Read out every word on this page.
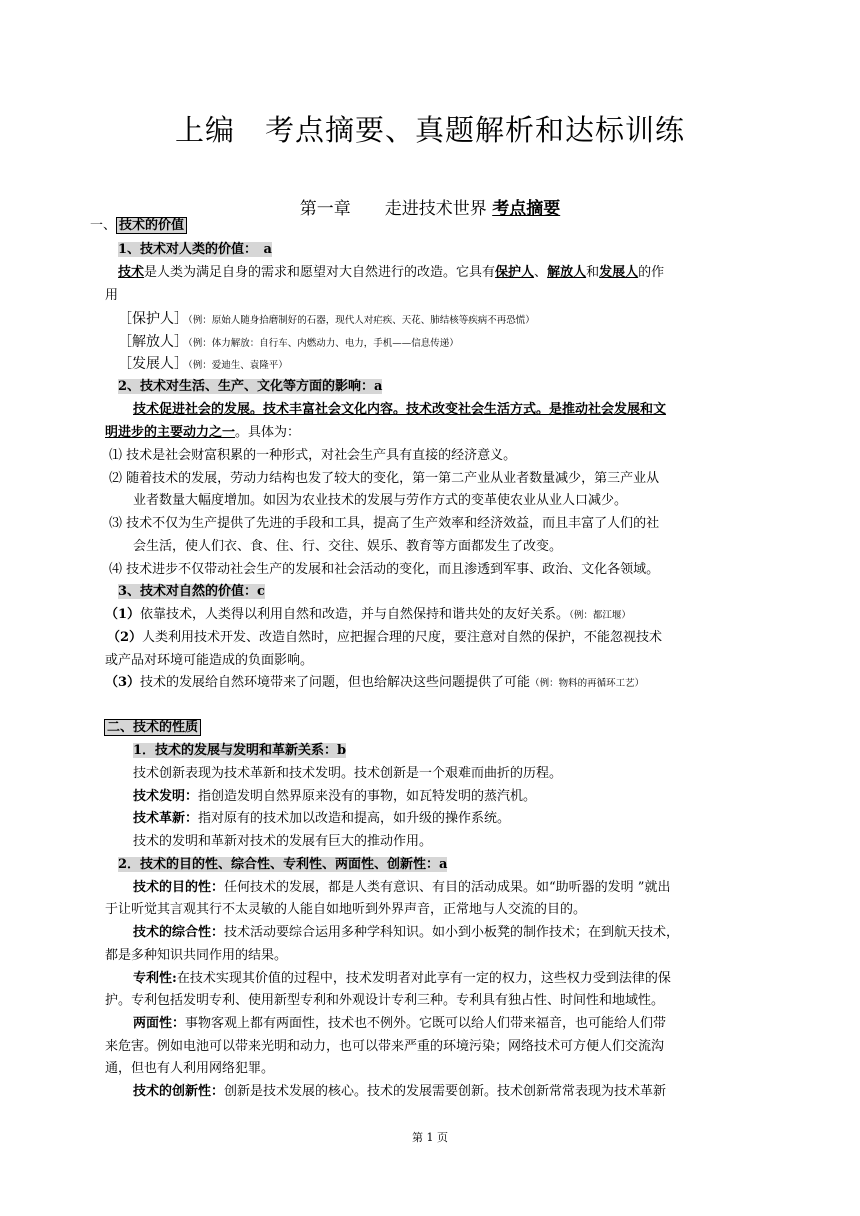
上编　考点摘要、真题解析和达标训练
第一章　　走进技术世界 考点摘要
一、 技术的价值
1、技术对人类的价值：　a
技术是人类为满足自身的需求和愿望对大自然进行的改造。它具有保护人、解放人和发展人的作
用
［保护人］（例：原始人随身拾磨制好的石器，现代人对疟疾、天花、肺结核等疾病不再恐慌）
［解放人］（例：体力解放：自行车、内燃动力、电力，手机——信息传递）
［发展人］（例：爱迪生、袁隆平）
2、技术对生活、生产、文化等方面的影响：a
技术促进社会的发展。技术丰富社会文化内容。技术改变社会生活方式。是推动社会发展和文
明进步的主要动力之一。具体为：
⑴ 技术是社会财富积累的一种形式，对社会生产具有直接的经济意义。
⑵ 随着技术的发展，劳动力结构也发了较大的变化，第一第二产业从业者数量减少，第三产业从
业者数量大幅度增加。如因为农业技术的发展与劳作方式的变革使农业从业人口减少。
⑶ 技术不仅为生产提供了先进的手段和工具，提高了生产效率和经济效益，而且丰富了人们的社
会生活，使人们衣、食、住、行、交往、娱乐、教育等方面都发生了改变。
⑷ 技术进步不仅带动社会生产的发展和社会活动的变化，而且渗透到军事、政治、文化各领域。
3、技术对自然的价值：c
（1）依靠技术，人类得以利用自然和改造，并与自然保持和谐共处的友好关系。（例：都江堰）
（2）人类利用技术开发、改造自然时，应把握合理的尺度，要注意对自然的保护，不能忽视技术
或产品对环境可能造成的负面影响。
（3）技术的发展给自然环境带来了问题，但也给解决这些问题提供了可能（例：物料的再循环工艺）
二、技术的性质
1．技术的发展与发明和革新关系：b
技术创新表现为技术革新和技术发明。技术创新是一个艰难而曲折的历程。
技术发明：指创造发明自然界原来没有的事物，如瓦特发明的蒸汽机。
技术革新：指对原有的技术加以改造和提高，如升级的操作系统。
技术的发明和革新对技术的发展有巨大的推动作用。
2．技术的目的性、综合性、专利性、两面性、创新性：a
技术的目的性：任何技术的发展，都是人类有意识、有目的活动成果。如“助听器的发明 ”就出
于让听觉其言观其行不太灵敏的人能自如地听到外界声音，正常地与人交流的目的。
技术的综合性：技术活动要综合运用多种学科知识。如小到小板凳的制作技术；在到航天技术，
都是多种知识共同作用的结果。
专利性:在技术实现其价值的过程中，技术发明者对此享有一定的权力，这些权力受到法律的保
护。专利包括发明专利、使用新型专利和外观设计专利三种。专利具有独占性、时间性和地域性。
两面性：事物客观上都有两面性，技术也不例外。它既可以给人们带来福音，也可能给人们带
来危害。例如电池可以带来光明和动力，也可以带来严重的环境污染；网络技术可方便人们交流沟
通，但也有人利用网络犯罪。
技术的创新性：创新是技术发展的核心。技术的发展需要创新。技术创新常常表现为技术革新
第 1 页
